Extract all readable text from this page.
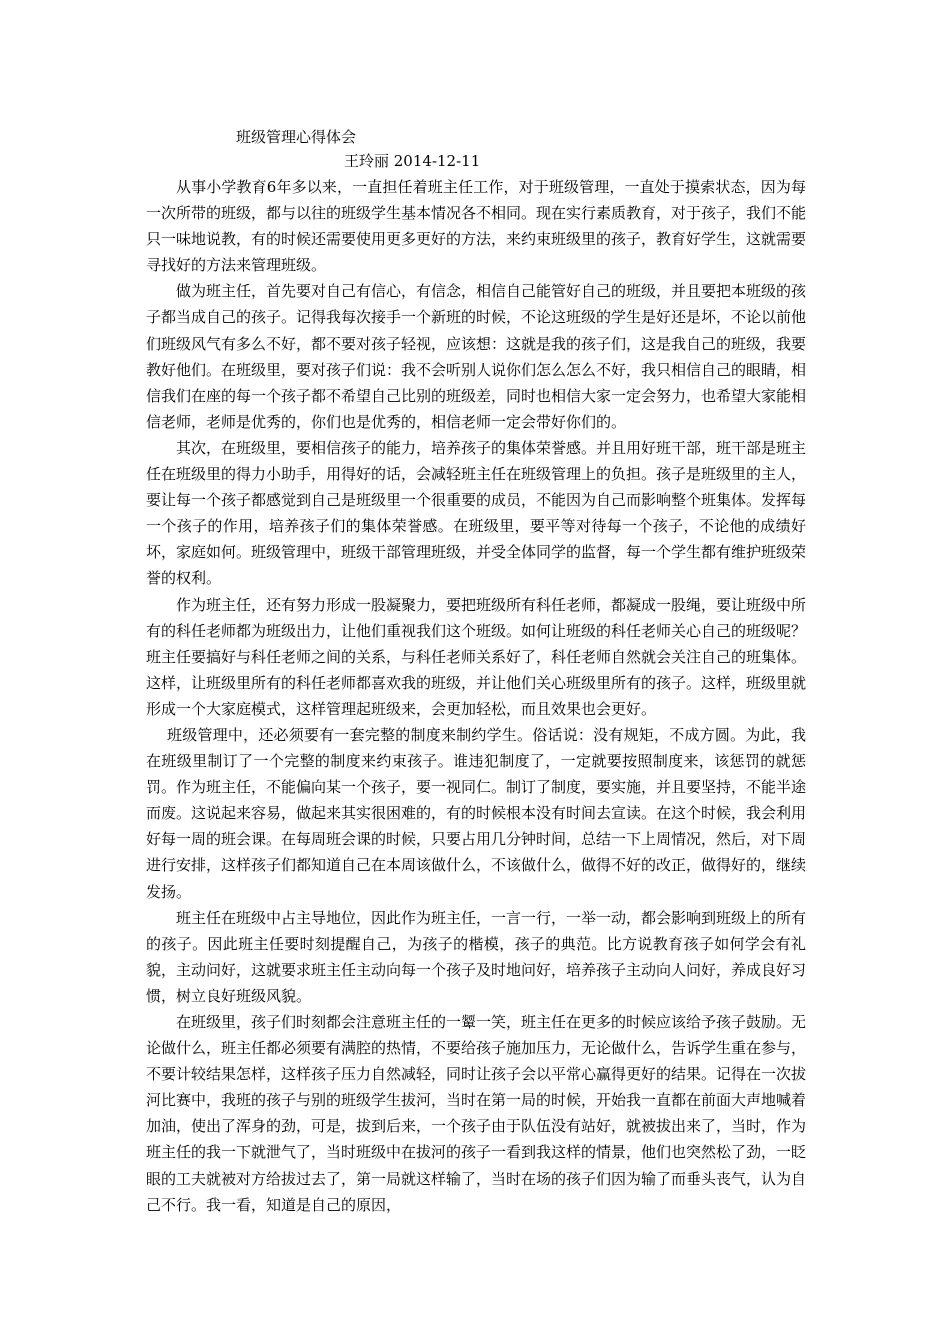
班级管理心得体会
王玲丽 2014-12-11

从事小学教育6年多以来，一直担任着班主任工作，对于班级管理，一直处于摸索状态，因为每一次所带的班级，都与以往的班级学生基本情况各不相同。现在实行素质教育，对于孩子，我们不能只一味地说教，有的时候还需要使用更多更好的方法，来约束班级里的孩子，教育好学生，这就需要寻找好的方法来管理班级。

做为班主任，首先要对自己有信心，有信念，相信自己能管好自己的班级，并且要把本班级的孩子都当成自己的孩子。记得我每次接手一个新班的时候，不论这班级的学生是好还是坏，不论以前他们班级风气有多么不好，都不要对孩子轻视，应该想：这就是我的孩子们，这是我自己的班级，我要教好他们。在班级里，要对孩子们说：我不会听别人说你们怎么怎么不好，我只相信自己的眼睛，相信我们在座的每一个孩子都不希望自己比别的班级差，同时也相信大家一定会努力，也希望大家能相信老师，老师是优秀的，你们也是优秀的，相信老师一定会带好你们的。

其次，在班级里，要相信孩子的能力，培养孩子的集体荣誉感。并且用好班干部，班干部是班主任在班级里的得力小助手，用得好的话，会减轻班主任在班级管理上的负担。孩子是班级里的主人，要让每一个孩子都感觉到自己是班级里一个很重要的成员，不能因为自己而影响整个班集体。发挥每一个孩子的作用，培养孩子们的集体荣誉感。在班级里，要平等对待每一个孩子，不论他的成绩好坏，家庭如何。班级管理中，班级干部管理班级，并受全体同学的监督，每一个学生都有维护班级荣誉的权利。

作为班主任，还有努力形成一股凝聚力，要把班级所有科任老师，都凝成一股绳，要让班级中所有的科任老师都为班级出力，让他们重视我们这个班级。如何让班级的科任老师关心自己的班级呢？班主任要搞好与科任老师之间的关系，与科任老师关系好了，科任老师自然就会关注自己的班集体。这样，让班级里所有的科任老师都喜欢我的班级，并让他们关心班级里所有的孩子。这样，班级里就形成一个大家庭模式，这样管理起班级来，会更加轻松，而且效果也会更好。

班级管理中，还必须要有一套完整的制度来制约学生。俗话说：没有规矩，不成方圆。为此，我在班级里制订了一个完整的制度来约束孩子。谁违犯制度了，一定就要按照制度来，该惩罚的就惩罚。作为班主任，不能偏向某一个孩子，要一视同仁。制订了制度，要实施，并且要坚持，不能半途而废。这说起来容易，做起来其实很困难的，有的时候根本没有时间去宣读。在这个时候，我会利用好每一周的班会课。在每周班会课的时候，只要占用几分钟时间，总结一下上周情况，然后，对下周进行安排，这样孩子们都知道自己在本周该做什么，不该做什么，做得不好的改正，做得好的，继续发扬。

班主任在班级中占主导地位，因此作为班主任，一言一行，一举一动，都会影响到班级上的所有的孩子。因此班主任要时刻提醒自己，为孩子的楷模，孩子的典范。比方说教育孩子如何学会有礼貌，主动问好，这就要求班主任主动向每一个孩子及时地问好，培养孩子主动向人问好，养成良好习惯，树立良好班级风貌。

在班级里，孩子们时刻都会注意班主任的一颦一笑，班主任在更多的时候应该给予孩子鼓励。无论做什么，班主任都必须要有满腔的热情，不要给孩子施加压力，无论做什么，告诉学生重在参与，不要计较结果怎样，这样孩子压力自然减轻，同时让孩子会以平常心赢得更好的结果。记得在一次拔河比赛中，我班的孩子与别的班级学生拔河，当时在第一局的时候，开始我一直都在前面大声地喊着加油，使出了浑身的劲，可是，拔到后来，一个孩子由于队伍没有站好，就被拔出来了，当时，作为班主任的我一下就泄气了，当时班级中在拔河的孩子一看到我这样的情景，他们也突然松了劲，一眨眼的工夫就被对方给拔过去了，第一局就这样输了，当时在场的孩子们因为输了而垂头丧气，认为自己不行。我一看，知道是自己的原因，
